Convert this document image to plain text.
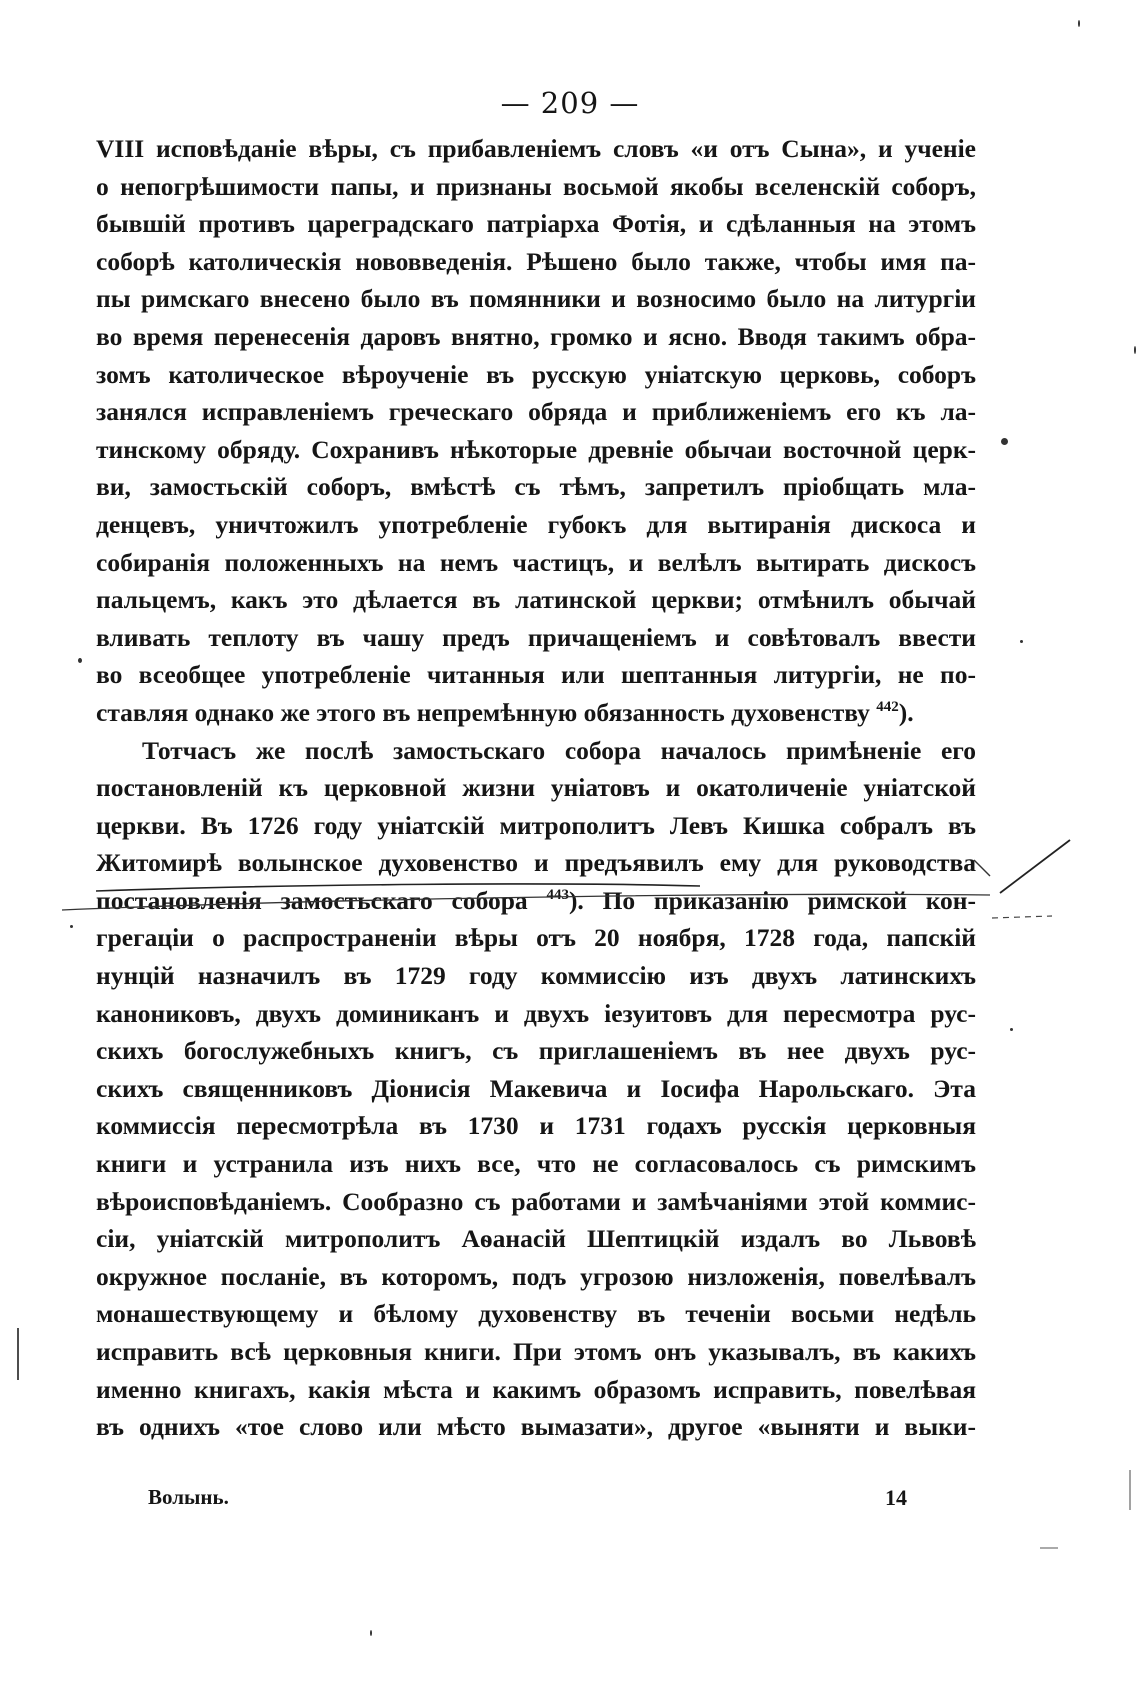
— 209 —

VIII исповѣданіе вѣры, съ прибавленіемъ словъ «и отъ Сына», и ученіе
о непогрѣшимости папы, и признаны восьмой якобы вселенскій соборъ,
бывшій противъ цареградскаго патріарха Фотія, и сдѣланныя на этомъ
соборѣ католическія нововведенія. Рѣшено было также, чтобы имя па-
пы римскаго внесено было въ помянники и возносимо было на литургіи
во время перенесенія даровъ внятно, громко и ясно. Вводя такимъ обра-
зомъ католическое вѣроученіе въ русскую уніатскую церковь, соборъ
занялся исправленіемъ греческаго обряда и приближеніемъ его къ ла-
тинскому обряду. Сохранивъ нѣкоторые древніе обычаи восточной церк-
ви, замостьскій соборъ, вмѣстѣ съ тѣмъ, запретилъ пріобщать мла-
денцевъ, уничтожилъ употребленіе губокъ для вытиранія дискоса и
собиранія положенныхъ на немъ частицъ, и велѣлъ вытирать дискосъ
пальцемъ, какъ это дѣлается въ латинской церкви; отмѣнилъ обычай
вливать теплоту въ чашу предъ причащеніемъ и совѣтовалъ ввести
во всеобщее употребленіе читанныя или шептанныя литургіи, не по-
ставляя однако же этого въ непремѣнную обязанность духовенству $^{442}$).

Тотчасъ же послѣ замостьскаго собора началось примѣненіе его
постановленій къ церковной жизни уніатовъ и окатоличеніе уніатской
церкви. Въ 1726 году уніатскій митрополитъ Левъ Кишка собралъ въ
Житомирѣ волынское духовенство и предъявилъ ему для руководства
постановленія замостьскаго собора $^{443}$). По приказанію римской кон-
грегаціи о распространеніи вѣры отъ 20 ноября, 1728 года, папскій
нунцій назначилъ въ 1729 году коммиссію изъ двухъ латинскихъ
канониковъ, двухъ доминиканъ и двухъ іезуитовъ для пересмотра рус-
скихъ богослужебныхъ книгъ, съ приглашеніемъ въ нее двухъ рус-
скихъ священниковъ Діонисія Макевича и Іосифа Нарольскаго. Эта
коммиссія пересмотрѣла въ 1730 и 1731 годахъ русскія церковныя
книги и устранила изъ нихъ все, что не согласовалось съ римскимъ
вѣроисповѣданіемъ. Сообразно съ работами и замѣчаніями этой коммис-
сіи, уніатскій митрополитъ Аѳанасій Шептицкій издалъ во Львовѣ
окружное посланіе, въ которомъ, подъ угрозою низложенія, повелѣвалъ
монашествующему и бѣлому духовенству въ теченіи восьми недѣль
исправить всѣ церковныя книги. При этомъ онъ указывалъ, въ какихъ
именно книгахъ, какія мѣста и какимъ образомъ исправить, повелѣвая
въ однихъ «тое слово или мѣсто вымазати», другое «выняти и выки-

Волынь.	14
